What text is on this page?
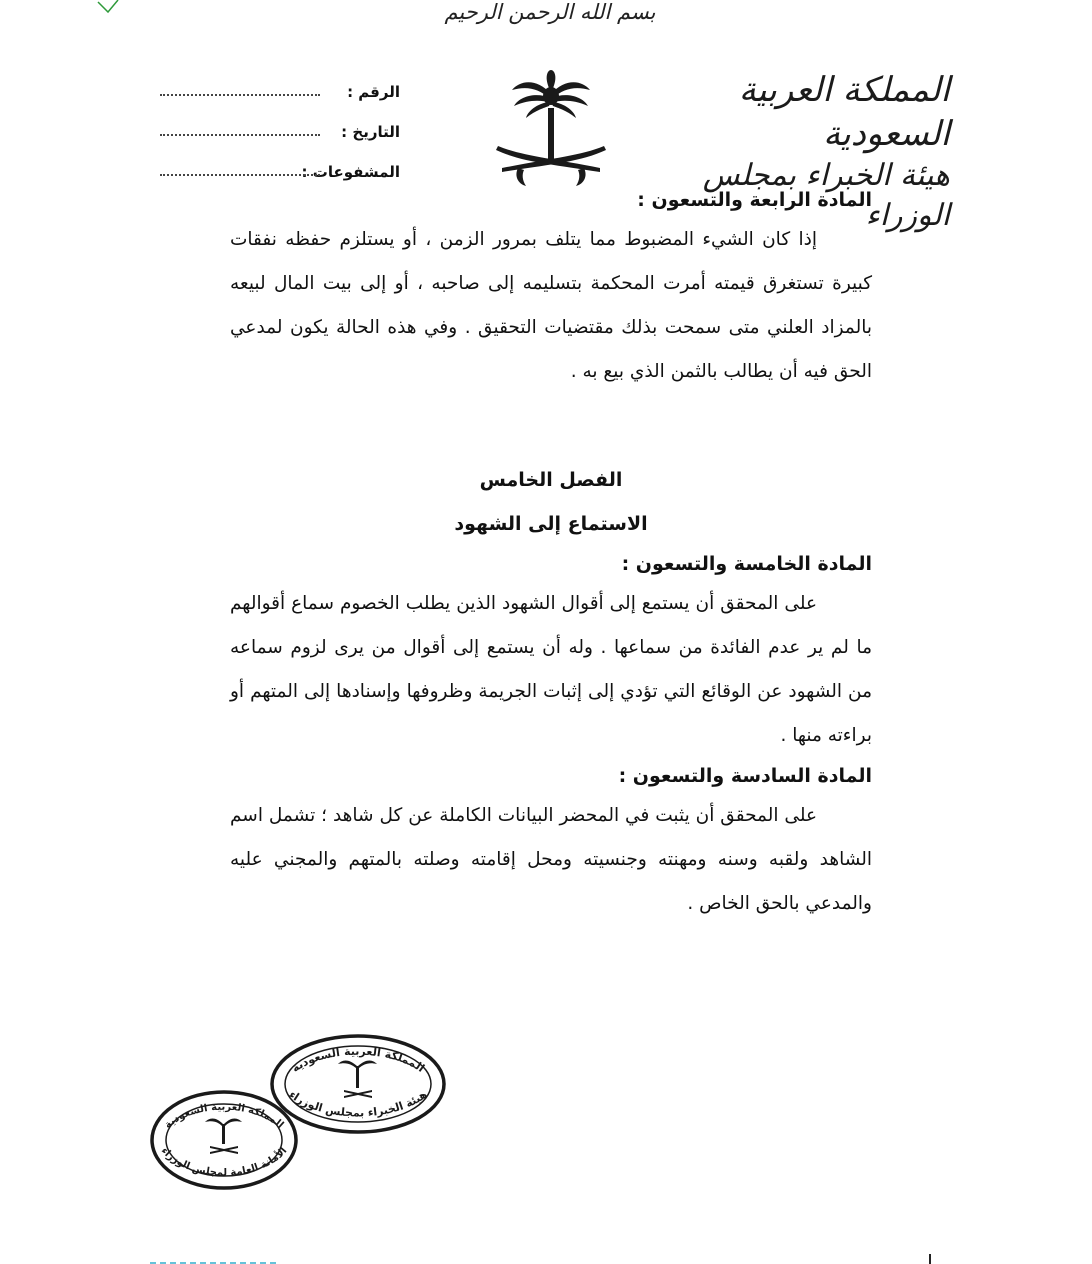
بسم الله الرحمن الرحيم
المملكة العربية السعودية
هيئة الخبراء بمجلس الوزراء
الرقم :
التاريخ :
المشفوعات :
المادة الرابعة والتسعون :

إذا كان الشيء المضبوط مما يتلف بمرور الزمن ، أو يستلزم حفظه نفقات كبيرة تستغرق قيمته أمرت المحكمة بتسليمه إلى صاحبه ، أو إلى بيت المال لبيعه بالمزاد العلني متى سمحت بذلك مقتضيات التحقيق . وفي هذه الحالة يكون لمدعي الحق فيه أن يطالب بالثمن الذي بيع به .

الفصل الخامس
الاستماع إلى الشهود
المادة الخامسة والتسعون :

على المحقق أن يستمع إلى أقوال الشهود الذين يطلب الخصوم سماع أقوالهم ما لم ير عدم الفائدة من سماعها . وله أن يستمع إلى أقوال من يرى لزوم سماعه من الشهود عن الوقائع التي تؤدي إلى إثبات الجريمة وظروفها وإسنادها إلى المتهم أو براءته منها .

المادة السادسة والتسعون :

على المحقق أن يثبت في المحضر البيانات الكاملة عن كل شاهد ؛ تشمل اسم الشاهد ولقبه وسنه ومهنته وجنسيته ومحل إقامته وصلته بالمتهم والمجني عليه والمدعي بالحق الخاص .

المملكة العربية السعودية
هيئة الخبراء بمجلس الوزراء
المملكة العربية السعودية
الأمانة العامة لمجلس الوزراء
